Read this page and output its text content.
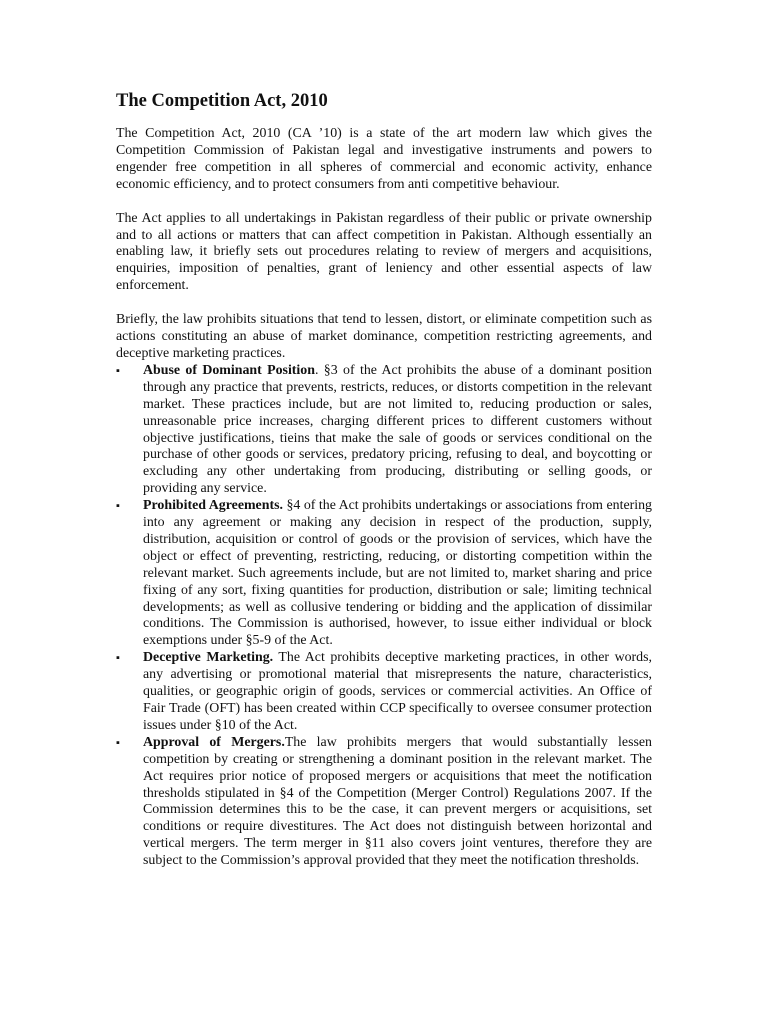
The Competition Act, 2010

The Competition Act, 2010 (CA ’10) is a state of the art modern law which gives the Competition Commission of Pakistan legal and investigative instruments and powers to engender free competition in all spheres of commercial and economic activity, enhance economic efficiency, and to protect consumers from anti competitive behaviour.

The Act applies to all undertakings in Pakistan regardless of their public or private ownership and to all actions or matters that can affect competition in Pakistan. Although essentially an enabling law, it briefly sets out procedures relating to review of mergers and acquisitions, enquiries, imposition of penalties, grant of leniency and other essential aspects of law enforcement.

Briefly, the law prohibits situations that tend to lessen, distort, or eliminate competition such as actions constituting an abuse of market dominance, competition restricting agreements, and deceptive marketing practices.

▪	Abuse of Dominant Position. §3 of the Act prohibits the abuse of a dominant position through any practice that prevents, restricts, reduces, or distorts competition in the relevant market. These practices include, but are not limited to, reducing production or sales, unreasonable price increases, charging different prices to different customers without objective justifications, tieins that make the sale of goods or services conditional on the purchase of other goods or services, predatory pricing, refusing to deal, and boycotting or excluding any other undertaking from producing, distributing or selling goods, or providing any service.
▪	Prohibited Agreements. §4 of the Act prohibits undertakings or associations from entering into any agreement or making any decision in respect of the production, supply, distribution, acquisition or control of goods or the provision of services, which have the object or effect of preventing, restricting, reducing, or distorting competition within the relevant market. Such agreements include, but are not limited to, market sharing and price fixing of any sort, fixing quantities for production, distribution or sale; limiting technical developments; as well as collusive tendering or bidding and the application of dissimilar conditions. The Commission is authorised, however, to issue either individual or block exemptions under §5-9 of the Act.
▪	Deceptive Marketing. The Act prohibits deceptive marketing practices, in other words, any advertising or promotional material that misrepresents the nature, characteristics, qualities, or geographic origin of goods, services or commercial activities. An Office of Fair Trade (OFT) has been created within CCP specifically to oversee consumer protection issues under §10 of the Act.
▪	Approval of Mergers.The law prohibits mergers that would substantially lessen competition by creating or strengthening a dominant position in the relevant market. The Act requires prior notice of proposed mergers or acquisitions that meet the notification thresholds stipulated in §4 of the Competition (Merger Control) Regulations 2007. If the Commission determines this to be the case, it can prevent mergers or acquisitions, set conditions or require divestitures. The Act does not distinguish between horizontal and vertical mergers. The term merger in §11 also covers joint ventures, therefore they are subject to the Commission’s approval provided that they meet the notification thresholds.
